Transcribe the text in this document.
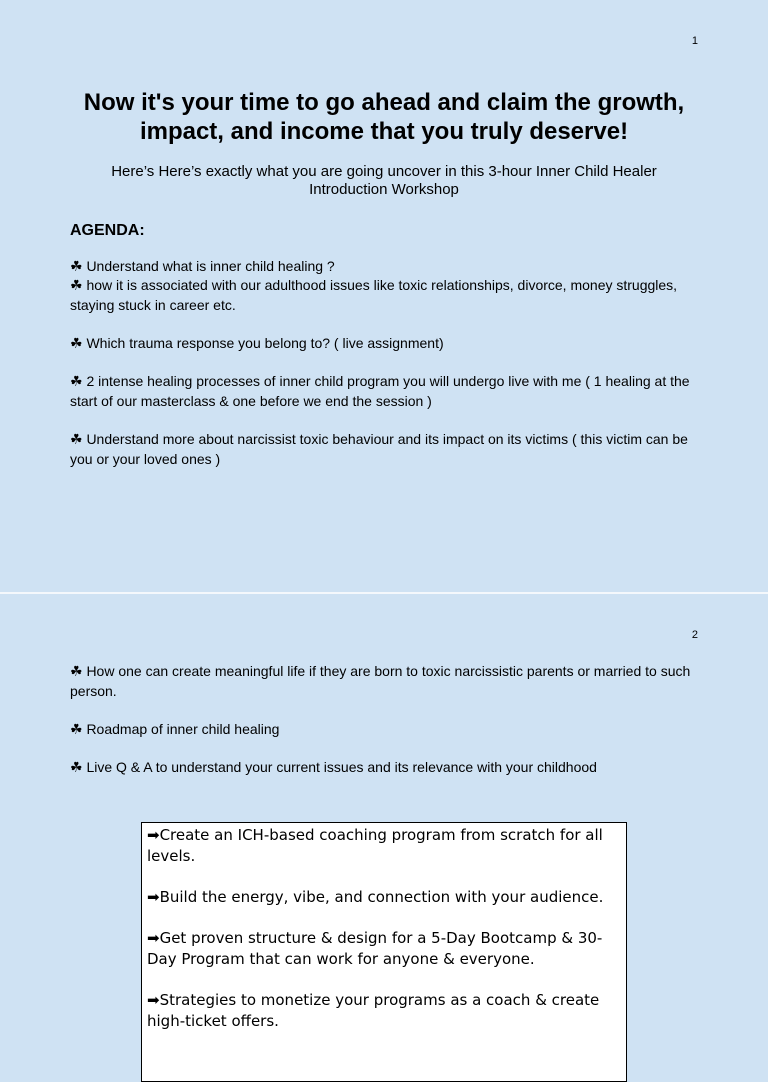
1
Now it's your time to go ahead and claim the growth, impact, and income that you truly deserve!
Here’s Here’s exactly what you are going uncover in this 3-hour Inner Child Healer Introduction Workshop
AGENDA:

☘ Understand what is inner child healing ?

☘ how it is associated with our adulthood issues like toxic relationships, divorce, money struggles, staying stuck in career etc.

☘ Which trauma response you belong to? ( live assignment)

☘ 2 intense healing processes of inner child program you will undergo live with me ( 1 healing at the start of our masterclass & one before we end the session )

☘ Understand more about narcissist toxic behaviour and its impact on its victims ( this victim can be you or your loved ones )

2

☘ How one can create meaningful life if they are born to toxic narcissistic parents or married to such person.

☘ Roadmap of inner child healing

☘ Live Q & A to understand your current issues and its relevance with your childhood

➡Create an ICH-based coaching program from scratch for all levels.

➡Build the energy, vibe, and connection with your audience.

➡Get proven structure & design for a 5-Day Bootcamp & 30-Day Program that can work for anyone & everyone.

➡Strategies to monetize your programs as a coach & create high-ticket offers.
